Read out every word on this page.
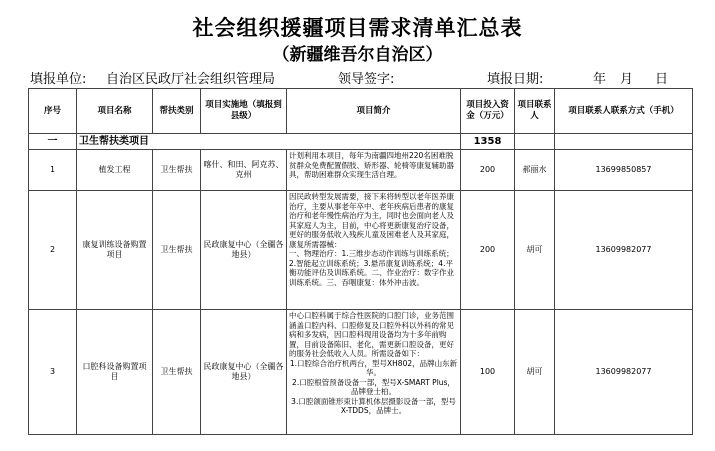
社会组织援疆项目需求清单汇总表
（新疆维吾尔自治区）
填报单位: 自治区民政厅社会组织管理局	领导签字:	填报日期:	年 月 日
序号	项目名称	帮扶类别	项目实施地（填报到县级）	项目简介	项目投入资金（万元）	项目联系人	项目联系人联系方式（手机）
一	卫生帮扶类项目				1358		
1	植发工程	卫生帮扶	喀什、和田、阿克苏、克州	计划利用本项目，每年为南疆四地州220名困难脱贫群众免费配置假肢、矫形器、轮椅等康复辅助器具，帮助困难群众实现生活自理。	200	郝丽水	13699850857
2	康复训练设备购置项目	卫生帮扶	民政康复中心（全疆各地县）	因民政转型发展需要，接下来将转型以老年医养康治疗，主要从事老年卒中、老年疾病后患者的康复治疗和老年慢性病治疗为主，同时也会面向老人及其家庭人为主，目前，中心将更新康复治疗设备，更好的服务低收入残疾儿童及困难老人及其家庭，康复所需器械：

一、物理治疗：1.三维步态动作训练与训练系统；2.智能起立训练系统；3.悬吊康复训练系统；4.平衡功能评估及训练系统。二、作业治疗：数字作业训练系统。三、吞咽康复：体外冲击波。	200	胡可	13609982077
3	口腔科设备购置项目	卫生帮扶	民政康复中心（全疆各地县）	中心口腔科属于综合性医院的口腔门诊，业务范围涵盖口腔内科、口腔修复及口腔外科以外科的常见病和多发病，因口腔科现用设备均为十多年前购置，目前设备陈旧、老化，需更新口腔设备，更好的服务社会低收入人员。所需设备如下：

1.口腔综合治疗机两台，型号XH802，品牌山东新华。

2.口腔根管预备设备一部，型号X-SMART Plus，品牌登士柏。

3.口腔颌面锥形束计算机体层摄影设备一部，型号X-TDDS，品牌士。	100	胡可	13609982077
